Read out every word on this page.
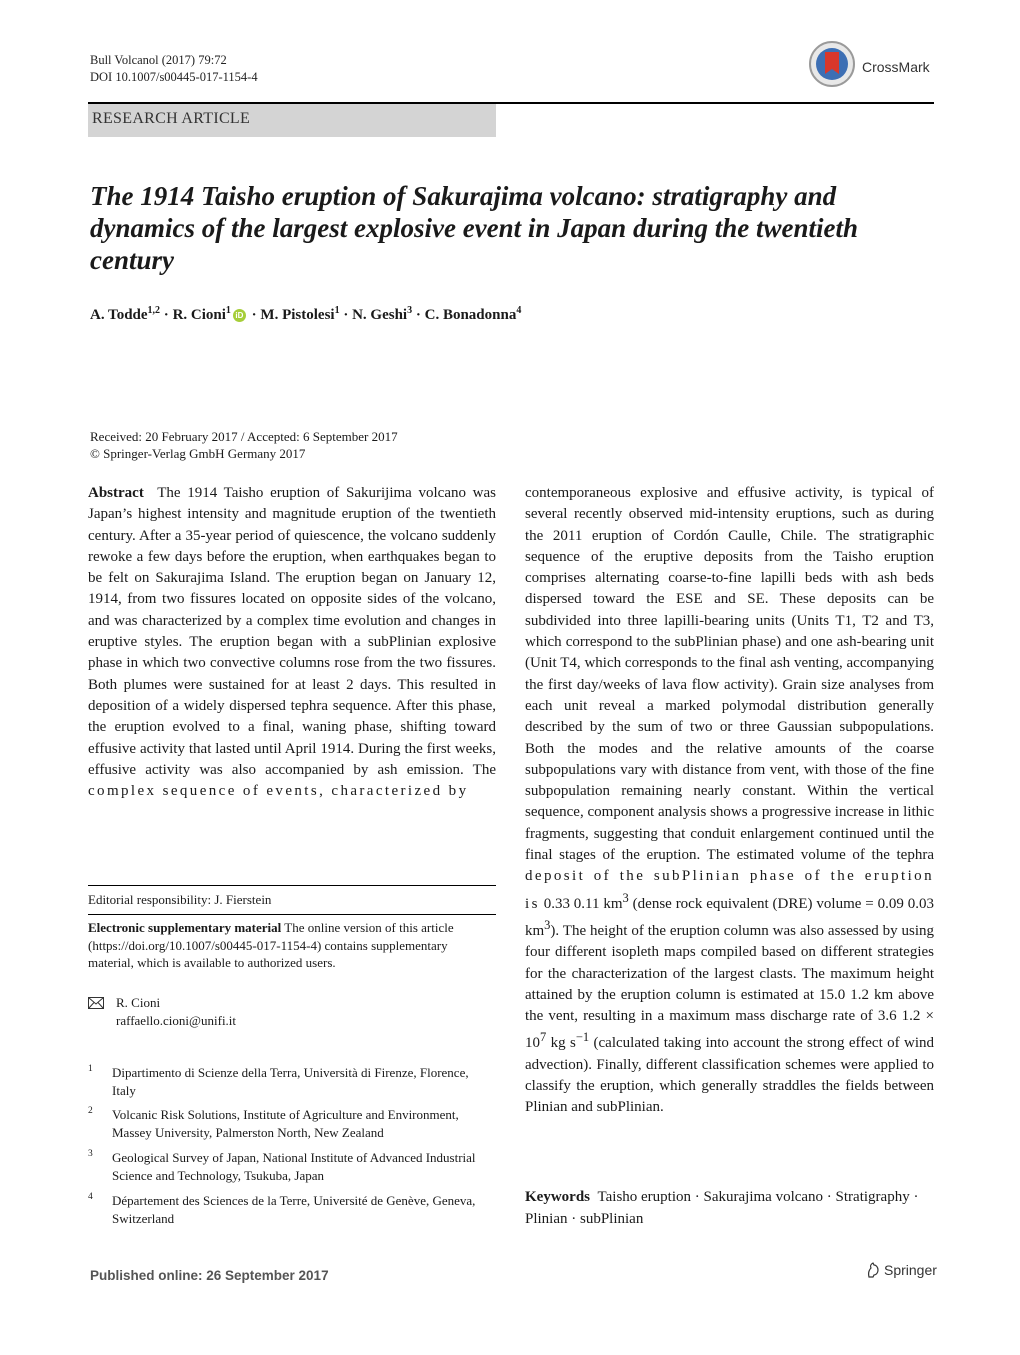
Bull Volcanol (2017) 79:72
DOI 10.1007/s00445-017-1154-4
CrossMark
RESEARCH ARTICLE
The 1914 Taisho eruption of Sakurajima volcano: stratigraphy and dynamics of the largest explosive event in Japan during the twentieth century
A. Todde$^{1,2}$ · R. Cioni$^1$ iD · M. Pistolesi$^1$ · N. Geshi$^3$ · C. Bonadonna$^4$
Received: 20 February 2017 / Accepted: 6 September 2017
© Springer-Verlag GmbH Germany 2017

Abstract The 1914 Taisho eruption of Sakurijima volcano was Japan’s highest intensity and magnitude eruption of the twentieth century. After a 35-year period of quiescence, the volcano suddenly rewoke a few days before the eruption, when earthquakes began to be felt on Sakurajima Island. The eruption began on January 12, 1914, from two fissures located on opposite sides of the volcano, and was characterized by a complex time evolution and changes in eruptive styles. The eruption began with a subPlinian explosive phase in which two convective columns rose from the two fissures. Both plumes were sustained for at least 2 days. This resulted in deposition of a widely dispersed tephra sequence. After this phase, the eruption evolved to a final, waning phase, shifting toward effusive activity that lasted until April 1914. During the first weeks, effusive activity was also accompanied by ash emission. The complex sequence of events, characterized by

Editorial responsibility: J. Fierstein
Electronic supplementary material The online version of this article (https://doi.org/10.1007/s00445-017-1154-4) contains supplementary material, which is available to authorized users.
R. Cioni
raffaello.cioni@unifi.it
1 Dipartimento di Scienze della Terra, Università di Firenze, Florence, Italy
2 Volcanic Risk Solutions, Institute of Agriculture and Environment, Massey University, Palmerston North, New Zealand
3 Geological Survey of Japan, National Institute of Advanced Industrial Science and Technology, Tsukuba, Japan
4 Département des Sciences de la Terre, Université de Genève, Geneva, Switzerland

contemporaneous explosive and effusive activity, is typical of several recently observed mid-intensity eruptions, such as during the 2011 eruption of Cordón Caulle, Chile. The stratigraphic sequence of the eruptive deposits from the Taisho eruption comprises alternating coarse-to-fine lapilli beds with ash beds dispersed toward the ESE and SE. These deposits can be subdivided into three lapilli-bearing units (Units T1, T2 and T3, which correspond to the subPlinian phase) and one ash-bearing unit (Unit T4, which corresponds to the final ash venting, accompanying the first day/weeks of lava flow activity). Grain size analyses from each unit reveal a marked polymodal distribution generally described by the sum of two or three Gaussian subpopulations. Both the modes and the relative amounts of the coarse subpopulations vary with distance from vent, with those of the fine subpopulation remaining nearly constant. Within the vertical sequence, component analysis shows a progressive increase in lithic fragments, suggesting that conduit enlargement continued until the final stages of the eruption. The estimated volume of the tephra deposit of the subPlinian phase of the eruption is 0.33 0.11 $km^3$ (dense rock equivalent (DRE) volume = 0.09 0.03 $km^3$). The height of the eruption column was also assessed by using four different isopleth maps compiled based on different strategies for the characterization of the largest clasts. The maximum height attained by the eruption column is estimated at 15.0 1.2 km above the vent, resulting in a maximum mass discharge rate of 3.6 $1.2 \times 10^7$ kg $s^{-1}$ (calculated taking into account the strong effect of wind advection). Finally, different classification schemes were applied to classify the eruption, which generally straddles the fields between Plinian and subPlinian.

Keywords Taisho eruption · Sakurajima volcano · Stratigraphy · Plinian · subPlinian
Published online: 26 September 2017	Springer
